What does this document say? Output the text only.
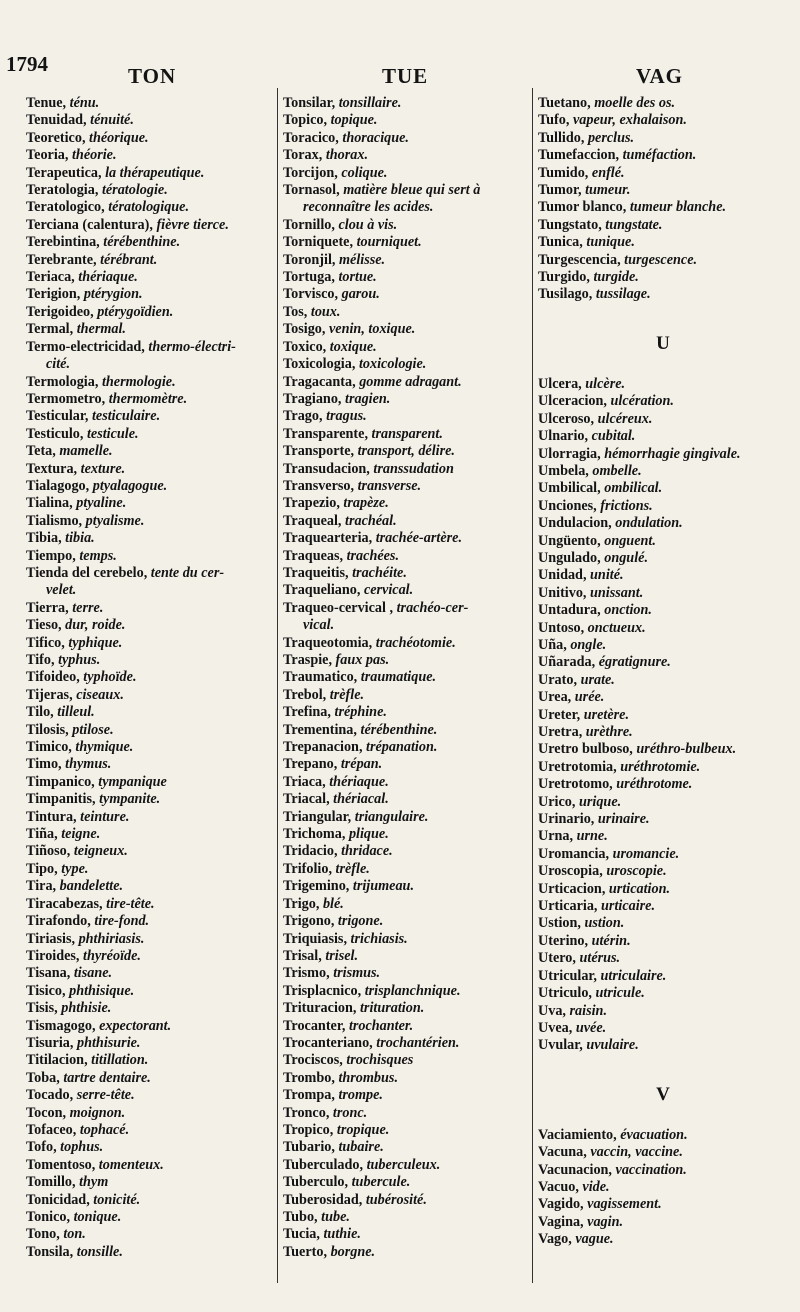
1794	TON	TUE	VAG
Tenue, ténu.
Tenuidad, ténuité.
Teoretico, théorique.
Teoria, théorie.
Terapeutica, la thérapeutique.
Teratologia, tératologie.
Teratologico, tératologique.
Terciana (calentura), fièvre tierce.
Terebintina, térébenthine.
Terebrante, térébrant.
Teriaca, thériaque.
Terigion, ptérygion.
Terigoideo, ptérygoïdien.
Termal, thermal.
Termo-electricidad, thermo-électri-
cité.
Termologia, thermologie.
Termometro, thermomètre.
Testicular, testiculaire.
Testiculo, testicule.
Teta, mamelle.
Textura, texture.
Tialagogo, ptyalagogue.
Tialina, ptyaline.
Tialismo, ptyalisme.
Tibia, tibia.
Tiempo, temps.
Tienda del cerebelo, tente du cer-
velet.
Tierra, terre.
Tieso, dur, roide.
Tifico, typhique.
Tifo, typhus.
Tifoideo, typhoïde.
Tijeras, ciseaux.
Tilo, tilleul.
Tilosis, ptilose.
Timico, thymique.
Timo, thymus.
Timpanico, tympanique
Timpanitis, tympanite.
Tintura, teinture.
Tiña, teigne.
Tiñoso, teigneux.
Tipo, type.
Tira, bandelette.
Tiracabezas, tire-tête.
Tirafondo, tire-fond.
Tiriasis, phthiriasis.
Tiroides, thyréoïde.
Tisana, tisane.
Tisico, phthisique.
Tisis, phthisie.
Tismagogo, expectorant.
Tisuria, phthisurie.
Titilacion, titillation.
Toba, tartre dentaire.
Tocado, serre-tête.
Tocon, moignon.
Tofaceo, tophacé.
Tofo, tophus.
Tomentoso, tomenteux.
Tomillo, thym
Tonicidad, tonicité.
Tonico, tonique.
Tono, ton.
Tonsila, tonsille.
Tonsilar, tonsillaire.
Topico, topique.
Toracico, thoracique.
Torax, thorax.
Torcijon, colique.
Tornasol, matière bleue qui sert à
reconnaître les acides.
Tornillo, clou à vis.
Torniquete, tourniquet.
Toronjil, mélisse.
Tortuga, tortue.
Torvisco, garou.
Tos, toux.
Tosigo, venin, toxique.
Toxico, toxique.
Toxicologia, toxicologie.
Tragacanta, gomme adragant.
Tragiano, tragien.
Trago, tragus.
Transparente, transparent.
Transporte, transport, délire.
Transudacion, transsudation
Transverso, transverse.
Trapezio, trapèze.
Traqueal, trachéal.
Traquearteria, trachée-artère.
Traqueas, trachées.
Traqueitis, trachéite.
Traqueliano, cervical.
Traqueo-cervical , trachéo-cer-
vical.
Traqueotomia, trachéotomie.
Traspie, faux pas.
Traumatico, traumatique.
Trebol, trèfle.
Trefina, tréphine.
Trementina, térébenthine.
Trepanacion, trépanation.
Trepano, trépan.
Triaca, thériaque.
Triacal, thériacal.
Triangular, triangulaire.
Trichoma, plique.
Tridacio, thridace.
Trifolio, trèfle.
Trigemino, trijumeau.
Trigo, blé.
Trigono, trigone.
Triquiasis, trichiasis.
Trisal, trisel.
Trismo, trismus.
Trisplacnico, trisplanchnique.
Trituracion, trituration.
Trocanter, trochanter.
Trocanteriano, trochantérien.
Trociscos, trochisques
Trombo, thrombus.
Trompa, trompe.
Tronco, tronc.
Tropico, tropique.
Tubario, tubaire.
Tuberculado, tuberculeux.
Tuberculo, tubercule.
Tuberosidad, tubérosité.
Tubo, tube.
Tucia, tuthie.
Tuerto, borgne.
Tuetano, moelle des os.
Tufo, vapeur, exhalaison.
Tullido, perclus.
Tumefaccion, tuméfaction.
Tumido, enflé.
Tumor, tumeur.
Tumor blanco, tumeur blanche.
Tungstato, tungstate.
Tunica, tunique.
Turgescencia, turgescence.
Turgido, turgide.
Tusilago, tussilage.
U
Ulcera, ulcère.
Ulceracion, ulcération.
Ulceroso, ulcéreux.
Ulnario, cubital.
Ulorragia, hémorrhagie gingivale.
Umbela, ombelle.
Umbilical, ombilical.
Unciones, frictions.
Undulacion, ondulation.
Ungüento, onguent.
Ungulado, ongulé.
Unidad, unité.
Unitivo, unissant.
Untadura, onction.
Untoso, onctueux.
Uña, ongle.
Uñarada, égratignure.
Urato, urate.
Urea, urée.
Ureter, uretère.
Uretra, urèthre.
Uretro bulboso, uréthro-bulbeux.
Uretrotomia, uréthrotomie.
Uretrotomo, uréthrotome.
Urico, urique.
Urinario, urinaire.
Urna, urne.
Uromancia, uromancie.
Uroscopia, uroscopie.
Urticacion, urtication.
Urticaria, urticaire.
Ustion, ustion.
Uterino, utérin.
Utero, utérus.
Utricular, utriculaire.
Utriculo, utricule.
Uva, raisin.
Uvea, uvée.
Uvular, uvulaire.
V
Vaciamiento, évacuation.
Vacuna, vaccin, vaccine.
Vacunacion, vaccination.
Vacuo, vide.
Vagido, vagissement.
Vagina, vagin.
Vago, vague.
